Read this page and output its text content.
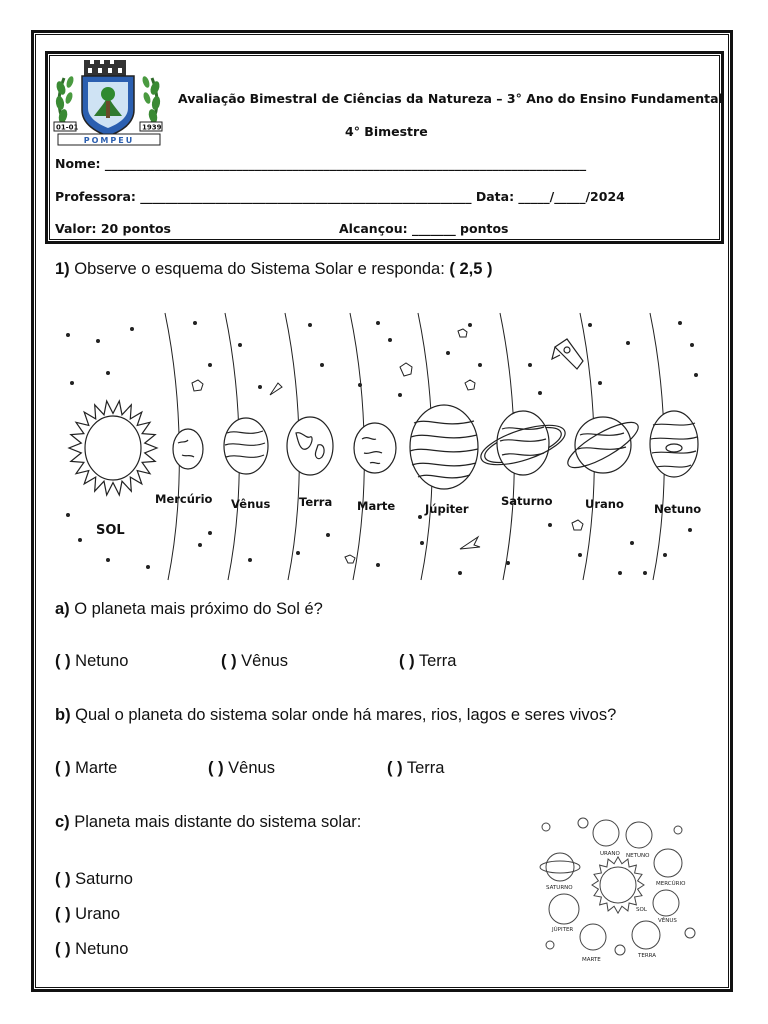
01-01	1939
POMPEU
Avaliação Bimestral de Ciências da Natureza – 3° Ano do Ensino Fundamental
4° Bimestre
Nome: _____________________________________________________________________________
Professora: _____________________________________________________ Data: _____/_____/2024
Valor: 20 pontos	Alcançou: _______ pontos
1) Observe o esquema do Sistema Solar e responda: ( 2,5 )
SOL
Mercúrio Vênus Terra Marte	Júpiter
Saturno	Urano	Netuno
a) O planeta mais próximo do Sol é?
( ) Netuno	( ) Vênus	( ) Terra
b) Qual o planeta do sistema solar onde há mares, rios, lagos e seres vivos?
( ) Marte	( ) Vênus	( ) Terra
c) Planeta mais distante do sistema solar:
( ) Saturno
( ) Urano
( ) Netuno
URANO NETUNO
SATURNO
MERCÚRIO
SOL
VÊNUS
JÚPITER
MARTE
TERRA
